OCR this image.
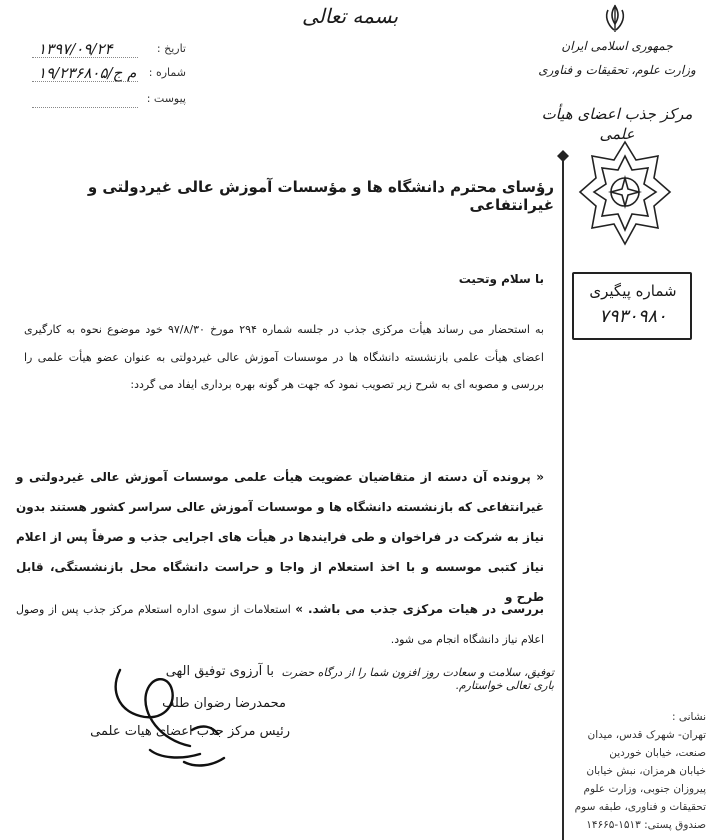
بسمه تعالی
جمهوری اسلامی ایران
وزارت علوم، تحقیقات و فناوری
مرکز جذب اعضای هیأت علمی
تاریخ :
۱۳۹۷/۰۹/۲۴
شماره :
۱۹/۲۳۶۸۰۵/م ج
پیوست :
رؤسای محترم دانشگاه ها و مؤسسات آموزش عالی غیردولتی و غیرانتفاعی
شماره پیگیری
۷۹۳۰۹۸۰
با سلام وتحیت
به استحضار می رساند هیأت مرکزی جذب در جلسه شماره ۲۹۴ مورخ ۹۷/۸/۳۰ خود موضوع نحوه به کارگیری اعضای هیأت علمی بازنشسته دانشگاه ها در موسسات آموزش عالی غیردولتی به عنوان عضو هیأت علمی را بررسی و مصوبه ای به شرح زیر تصویب نمود که جهت هر گونه بهره برداری ایفاد می گردد:
« پرونده آن دسته از متقاضیان عضویت هیأت علمی موسسات آموزش عالی غیردولتی و غیرانتفاعی که بازنشسته دانشگاه ها و موسسات آموزش عالی سراسر کشور هستند بدون نیاز به شرکت در فراخوان و طی فرایندها در هیأت های اجرایی جذب و صرفاً پس از اعلام نیاز کتبی موسسه و با اخذ استعلام از واجا و حراست دانشگاه محل بازنشستگی، قابل طرح و
بررسی در هیات مرکزی جذب می باشد. » استعلامات از سوی اداره استعلام مرکز جذب پس از وصول اعلام نیاز دانشگاه انجام می شود.
توفیق، سلامت و سعادت روز افزون شما را از درگاه حضرت باری تعالی خواستارم.
با آرزوی توفیق الهی
محمدرضا رضوان طلب
رئیس مرکز جذب اعضای هیات علمی
نشانی :
تهران- شهرک قدس، میدان
صنعت، خیابان خوردین
خیابان هرمزان، نبش خیابان
پیروزان جنوبی، وزارت علوم
تحقیقات و فناوری، طبقه سوم
صندوق پستی: ۱۵۱۳-۱۴۶۶۵
